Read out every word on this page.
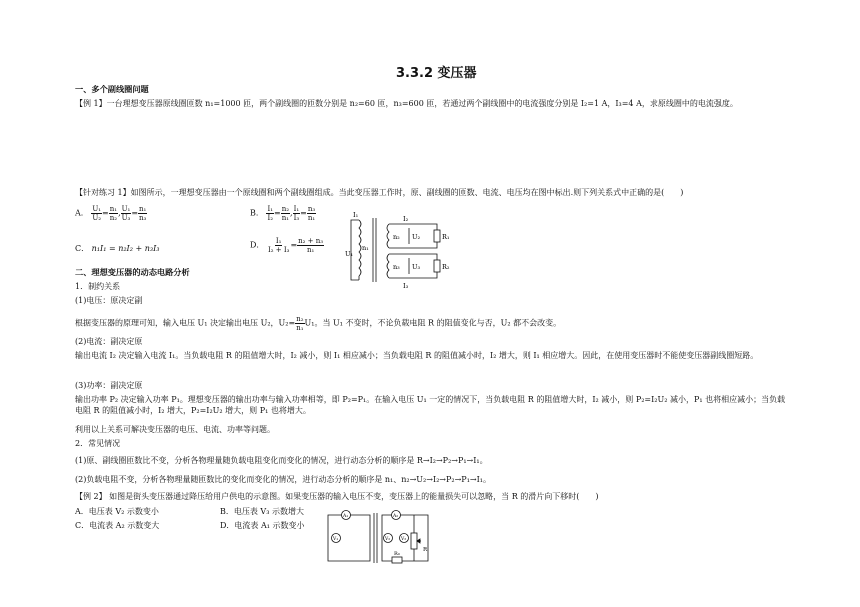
3.3.2 变压器
一、多个副线圈问题
【例 1】一台理想变压器原线圈匝数 n₁=1000 匝，两个副线圈的匝数分别是 n₂=60 匝，n₃=600 匝，若通过两个副线圈中的电流强度分别是 I₂=1 A，I₃=4 A，求原线圈中的电流强度。
【针对练习 1】如图所示，一理想变压器由一个原线圈和两个副线圈组成。当此变压器工作时，原、副线圈的匝数、电流、电压均在图中标出.则下列关系式中正确的是(　　)
A． $\frac{\text{U₁}}{\text{U₂}} = \frac{\text{n₁}}{\text{n₂}}$ , $\frac{\text{U₁}}{\text{U₃}} = \frac{\text{n₁}}{\text{n₃}}$	B． $\frac{\text{I₁}}{\text{I₂}} = \frac{\text{n₂}}{\text{n₁}}$ , $\frac{\text{I₁}}{\text{I₃}} = \frac{\text{n₃}}{\text{n₁}}$
C． n₁I₁ = n₂I₂ + n₃I₃	D． $\frac{\text{I₁}}{\text{I₂ + I₃}} = \frac{\text{n₂ + n₃}}{\text{n₁}}$
I₁	I₂
I₃
n₁
n₂
n₃
U₁
U₂
U₃
R₁
R₂
二、理想变压器的动态电路分析
1．制约关系
(1)电压：原决定副
根据变压器的原理可知，输入电压 U₁ 决定输出电压 U₂，$U_2= \frac{\text{n₂}}{\text{n₁}} U_1$。当 U₁ 不变时，不论负载电阻 R 的阻值变化与否，U₂ 都不会改变。
(2)电流：副决定原
输出电流 I₂ 决定输入电流 I₁。当负载电阻 R 的阻值增大时，I₂ 减小，则 I₁ 相应减小；当负载电阻 R 的阻值减小时，I₂ 增大，则 I₁ 相应增大。因此，在使用变压器时不能使变压器副线圈短路。
(3)功率：副决定原
输出功率 P₂ 决定输入功率 P₁。理想变压器的输出功率与输入功率相等，即 P₂=P₁。在输入电压 U₁ 一定的情况下，当负载电阻 R 的阻值增大时，I₂ 减小，则 P₂=I₂U₂ 减小，P₁ 也将相应减小；当负载电阻 R 的阻值减小时，I₂ 增大，P₂=I₂U₂ 增大，则 P₁ 也将增大。
利用以上关系可解决变压器的电压、电流、功率等问题。
2．常见情况
(1)原、副线圈匝数比不变，分析各物理量随负载电阻变化而变化的情况，进行动态分析的顺序是 R→I₂→P₂→P₁→I₁。
(2)负载电阻不变，分析各物理量随匝数比的变化而变化的情况，进行动态分析的顺序是 n₁、n₂→U₂→I₂→P₂→P₁→I₁。
【例 2】 如图是街头变压器通过降压给用户供电的示意图。如果变压器的输入电压不变，变压器上的能量损失可以忽略，当 R 的滑片向下移时(　　)
A．电压表 V₂ 示数变小	B．电压表 V₃ 示数增大
C．电流表 A₂ 示数变大	D．电流表 A₁ 示数变小
A₁
V₁
A₂
V₂ V₃
R₀
R
